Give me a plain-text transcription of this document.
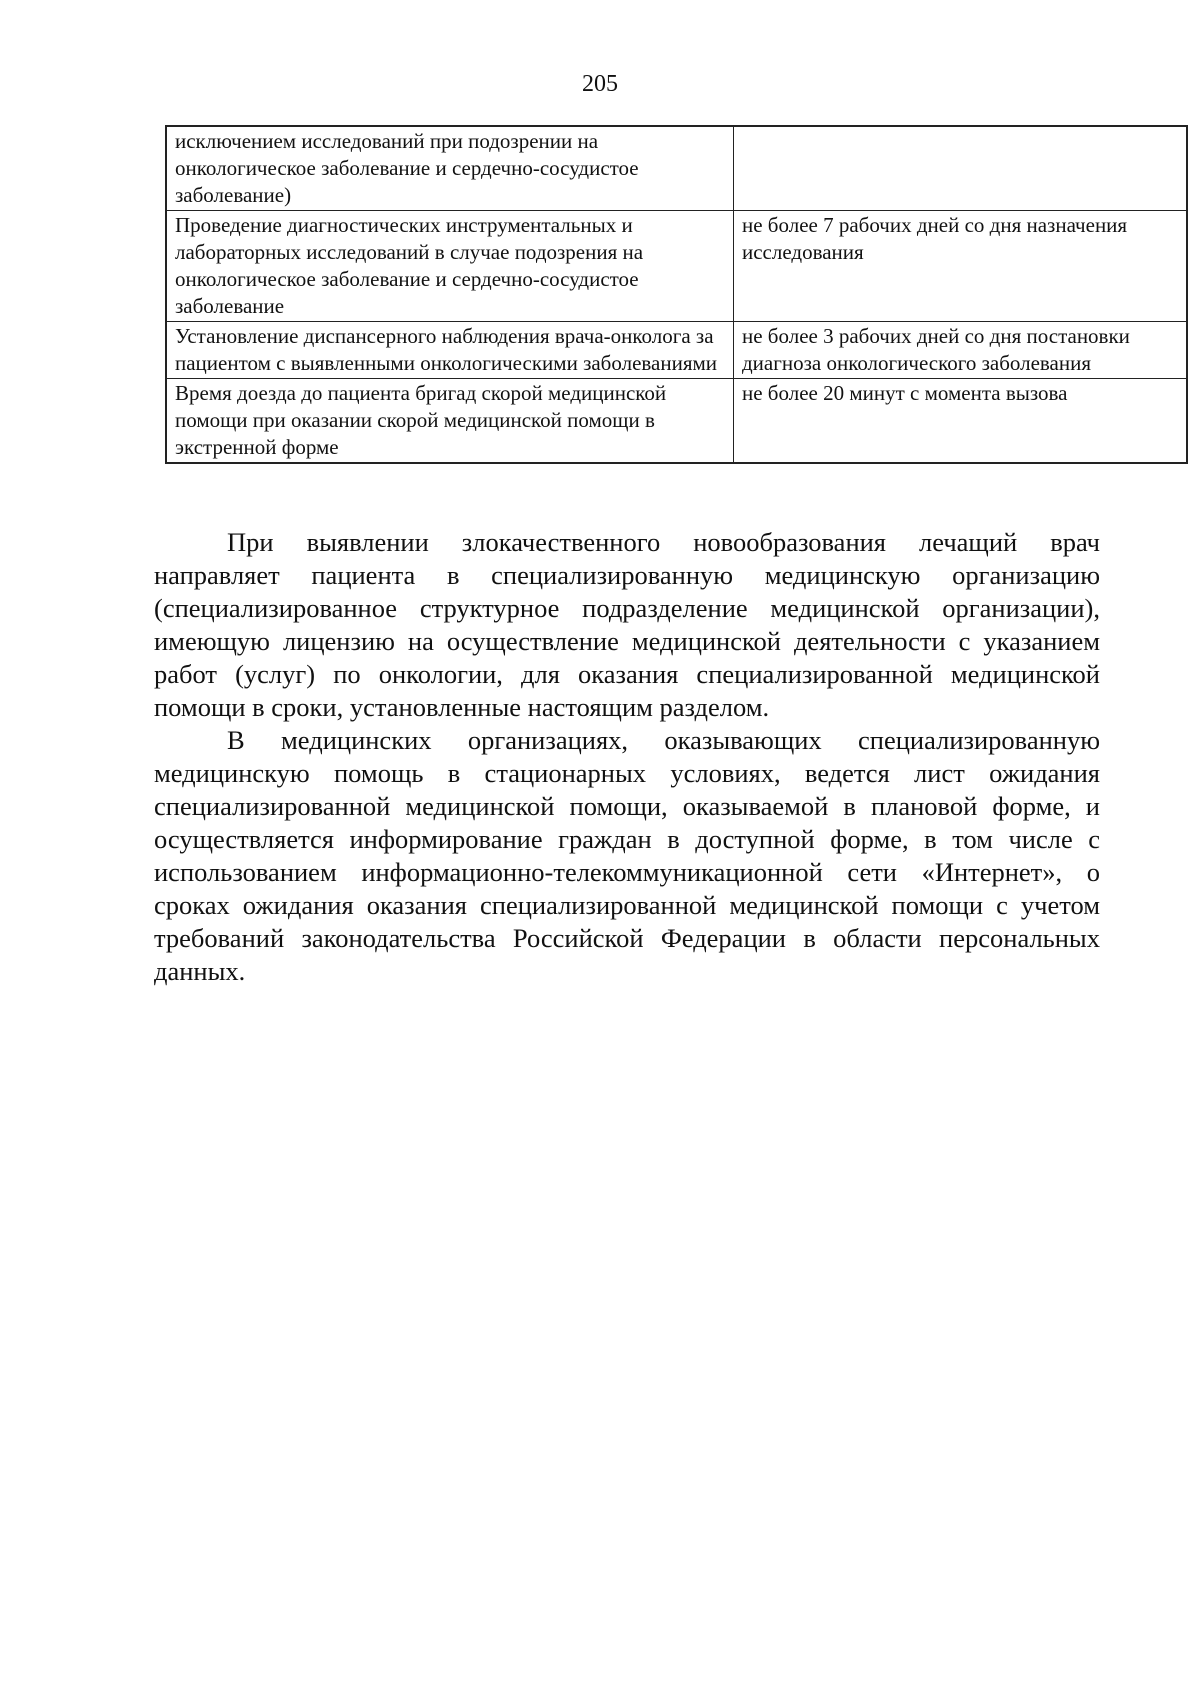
205
исключением исследований при подозрении на онкологическое заболевание и сердечно-сосудистое заболевание)	
Проведение диагностических инструментальных и лабораторных исследований в случае подозрения на онкологическое заболевание и сердечно-сосудистое заболевание	не более 7 рабочих дней со дня назначения исследования
Установление диспансерного наблюдения врача-онколога за пациентом с выявленными онкологическими заболеваниями	не более 3 рабочих дней со дня постановки диагноза онкологического заболевания
Время доезда до пациента бригад скорой медицинской помощи при оказании скорой медицинской помощи в экстренной форме	не более 20 минут с момента вызова

При выявлении злокачественного новообразования лечащий врач направляет пациента в специализированную медицинскую организацию (специализированное структурное подразделение медицинской организации), имеющую лицензию на осуществление медицинской деятельности с указанием работ (услуг) по онкологии, для оказания специализированной медицинской помощи в сроки, установленные настоящим разделом.

В медицинских организациях, оказывающих специализированную медицинскую помощь в стационарных условиях, ведется лист ожидания специализированной медицинской помощи, оказываемой в плановой форме, и осуществляется информирование граждан в доступной форме, в том числе с использованием информационно-телекоммуникационной сети «Интернет», о сроках ожидания оказания специализированной медицинской помощи с учетом требований законодательства Российской Федерации в области персональных данных.
